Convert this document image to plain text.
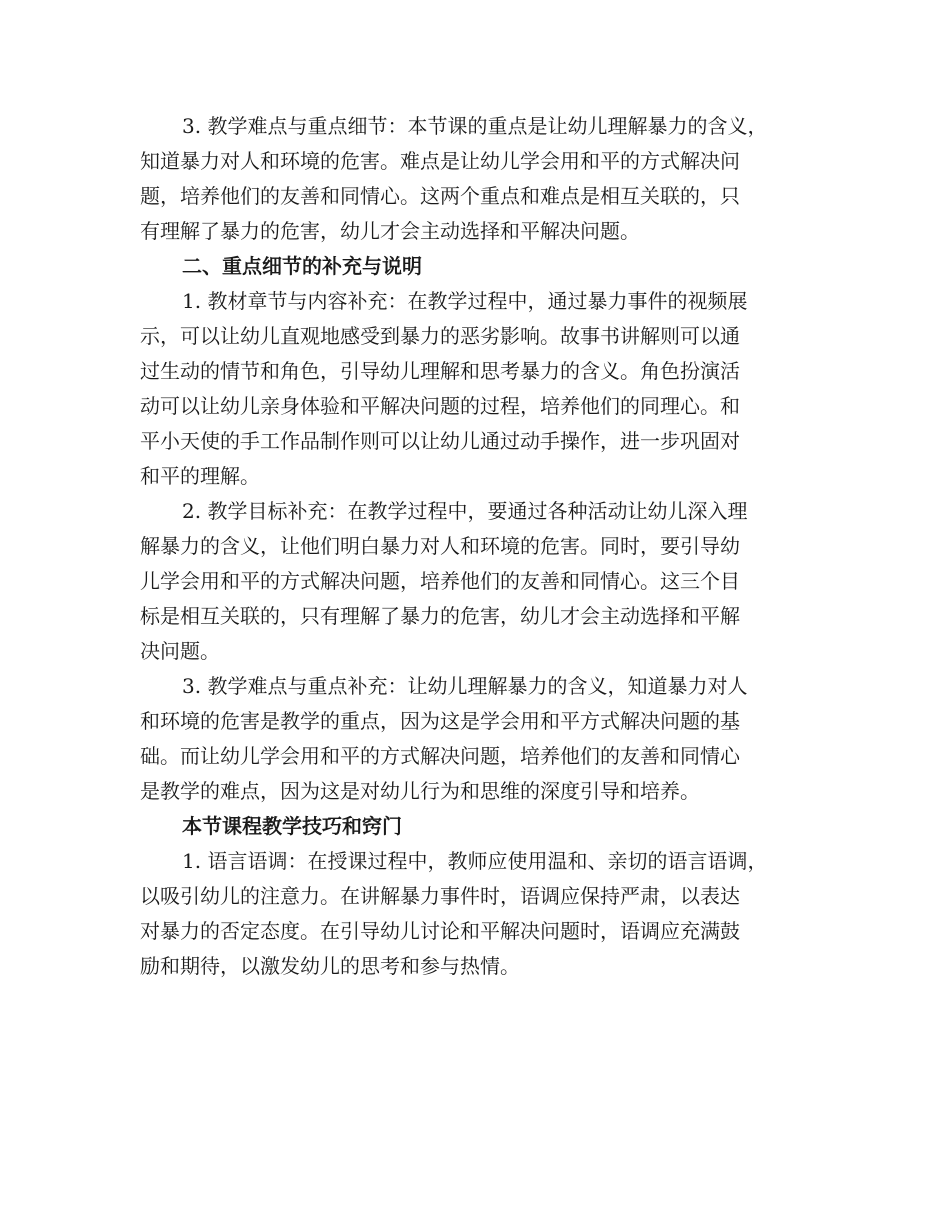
3. 教学难点与重点细节：本节课的重点是让幼儿理解暴力的含义，
知道暴力对人和环境的危害。难点是让幼儿学会用和平的方式解决问
题，培养他们的友善和同情心。这两个重点和难点是相互关联的，只
有理解了暴力的危害，幼儿才会主动选择和平解决问题。
二、重点细节的补充与说明
1. 教材章节与内容补充：在教学过程中，通过暴力事件的视频展
示，可以让幼儿直观地感受到暴力的恶劣影响。故事书讲解则可以通
过生动的情节和角色，引导幼儿理解和思考暴力的含义。角色扮演活
动可以让幼儿亲身体验和平解决问题的过程，培养他们的同理心。和
平小天使的手工作品制作则可以让幼儿通过动手操作，进一步巩固对
和平的理解。
2. 教学目标补充：在教学过程中，要通过各种活动让幼儿深入理
解暴力的含义，让他们明白暴力对人和环境的危害。同时，要引导幼
儿学会用和平的方式解决问题，培养他们的友善和同情心。这三个目
标是相互关联的，只有理解了暴力的危害，幼儿才会主动选择和平解
决问题。
3. 教学难点与重点补充：让幼儿理解暴力的含义，知道暴力对人
和环境的危害是教学的重点，因为这是学会用和平方式解决问题的基
础。而让幼儿学会用和平的方式解决问题，培养他们的友善和同情心
是教学的难点，因为这是对幼儿行为和思维的深度引导和培养。
本节课程教学技巧和窍门
1. 语言语调：在授课过程中，教师应使用温和、亲切的语言语调，
以吸引幼儿的注意力。在讲解暴力事件时，语调应保持严肃，以表达
对暴力的否定态度。在引导幼儿讨论和平解决问题时，语调应充满鼓
励和期待，以激发幼儿的思考和参与热情。
